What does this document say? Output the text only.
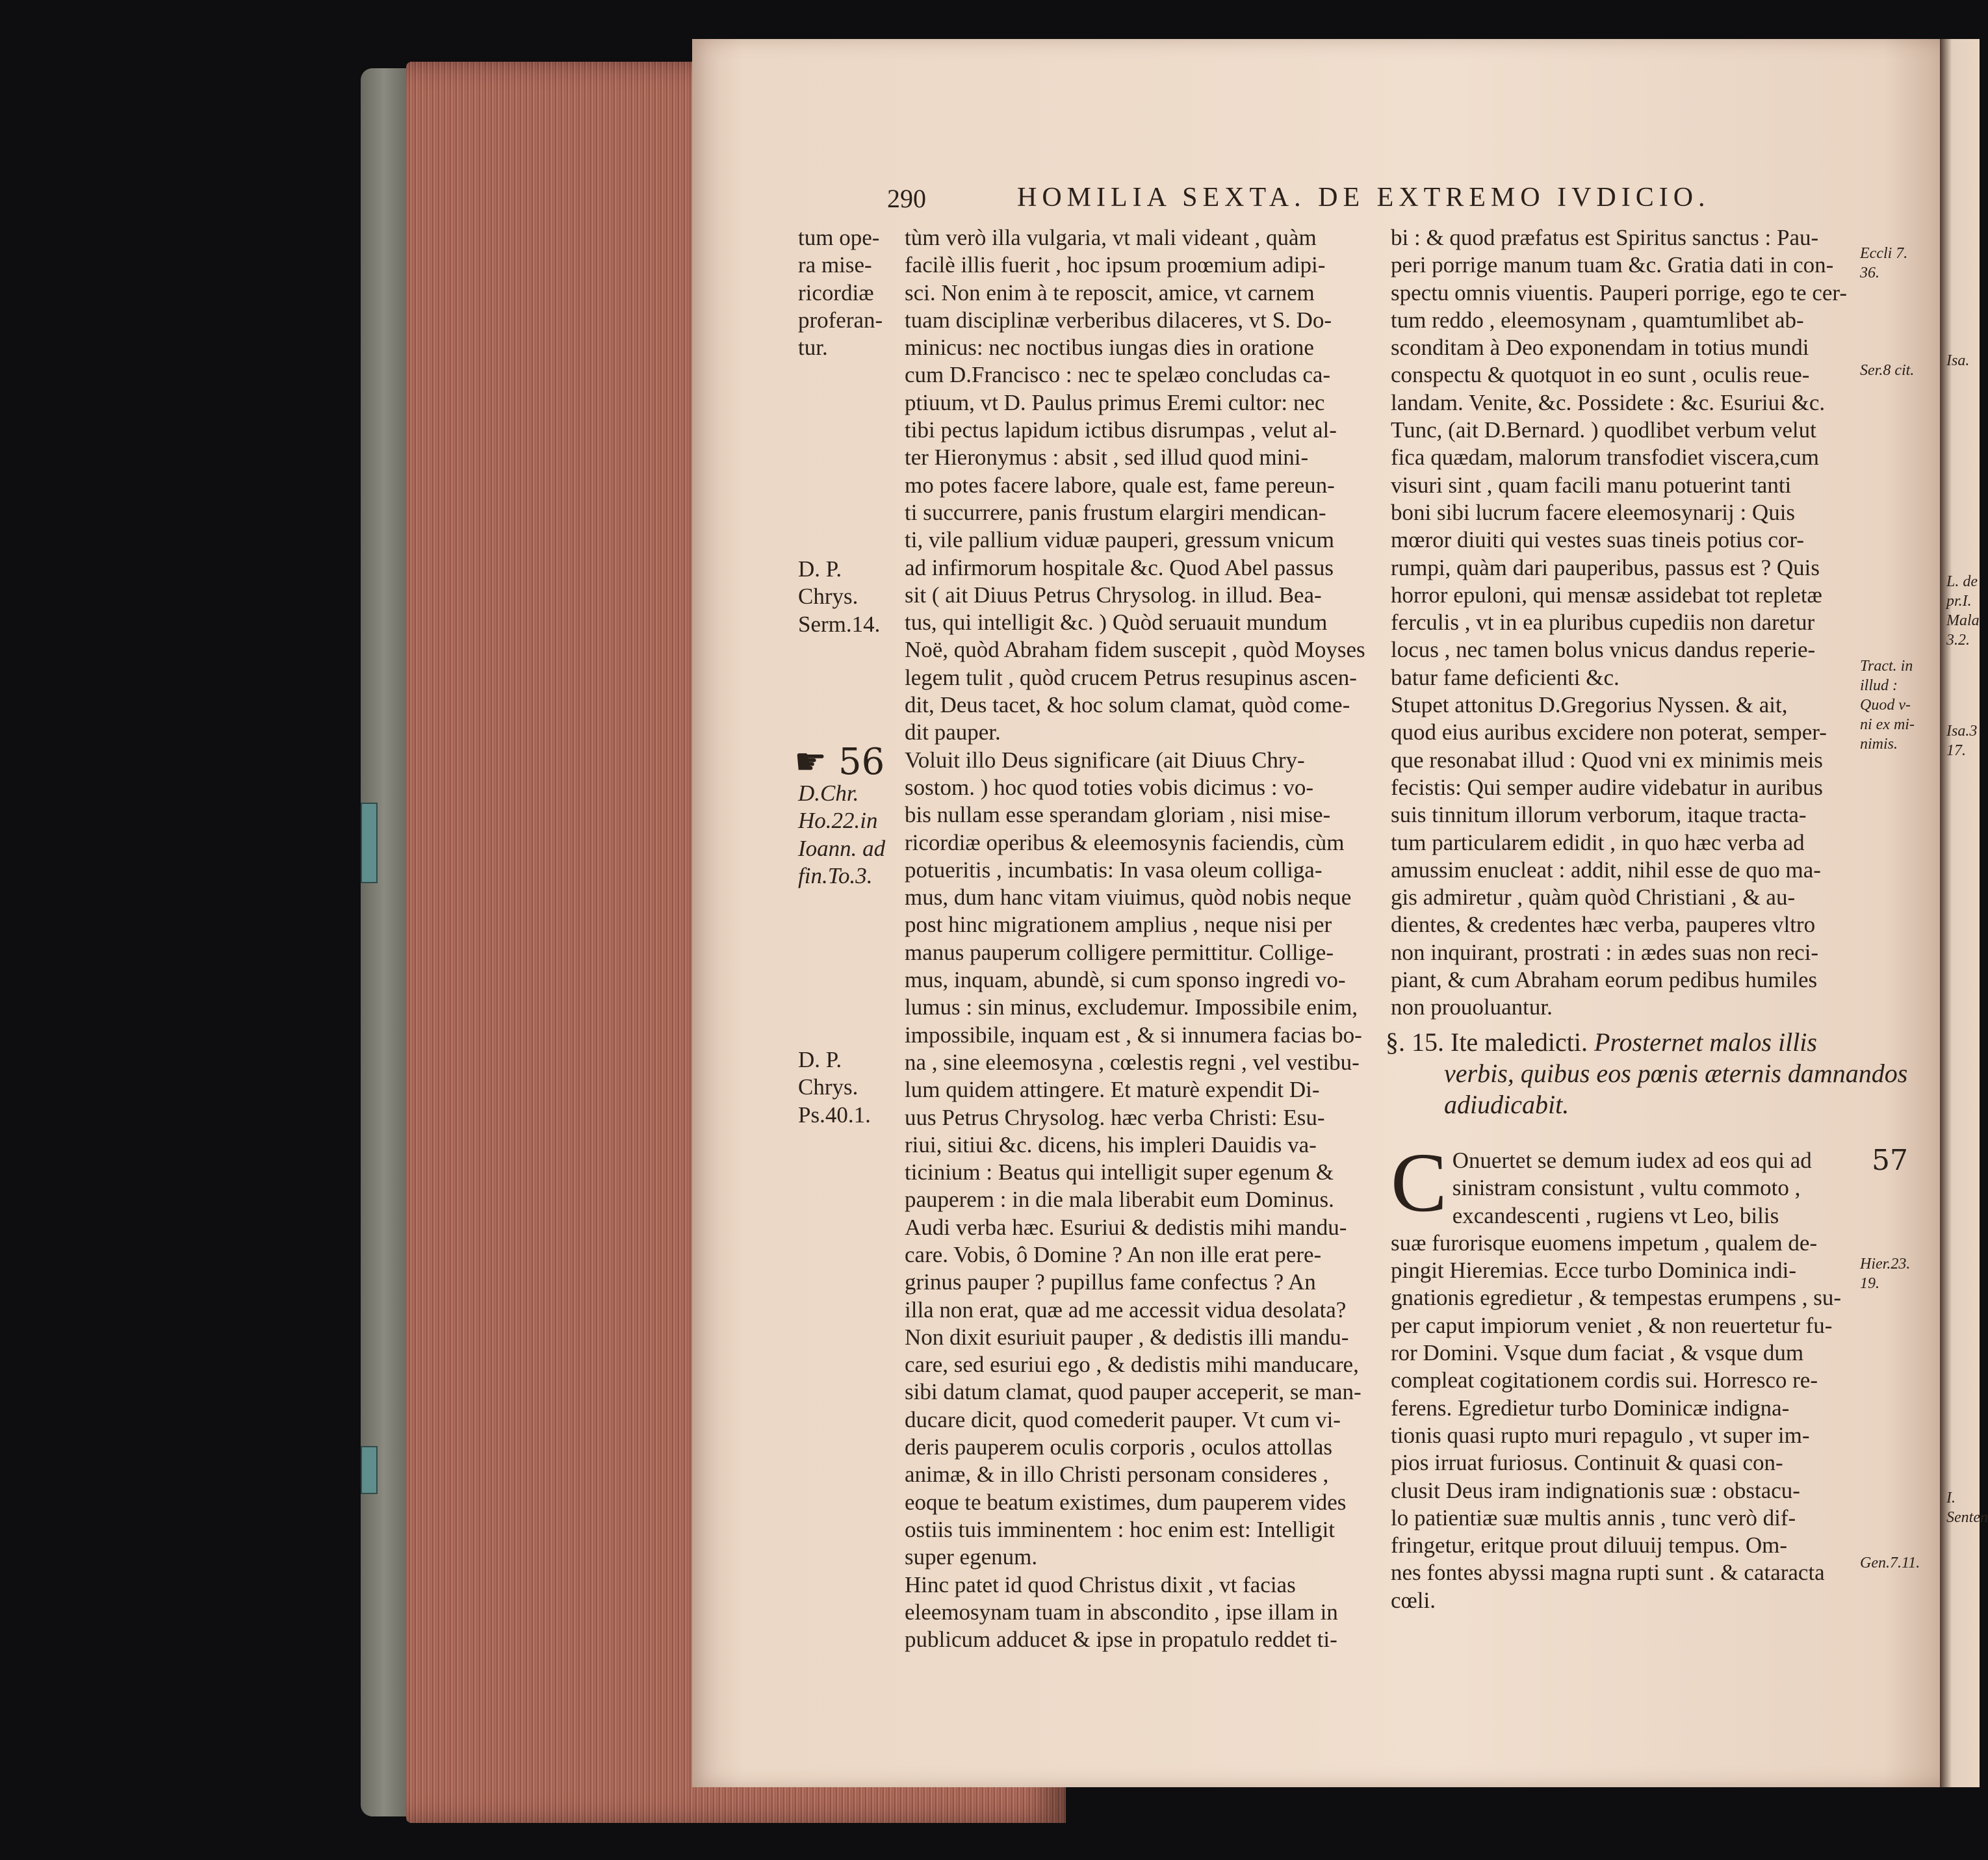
290	HOMILIA SEXTA. DE EXTREMO IVDICIO.
tum ope-
ra mise-
ricordiæ
proferan-
tur.
D. P.
Chrys.
Serm.14.
☛ 56
D.Chr.
Ho.22.in
Ioann. ad
fin.To.3.
D. P.
Chrys.
Ps.40.1.
tùm verò illa vulgaria, vt mali videant , quàm
facilè illis fuerit , hoc ipsum proœmium adipi-
sci. Non enim à te reposcit, amice, vt carnem
tuam disciplinæ verberibus dilaceres, vt S. Do-
minicus: nec noctibus iungas dies in oratione
cum D.Francisco : nec te spelæo concludas ca-
ptiuum, vt D. Paulus primus Eremi cultor: nec
tibi pectus lapidum ictibus disrumpas , velut al-
ter Hieronymus : absit , sed illud quod mini-
mo potes facere labore, quale est, fame pereun-
ti succurrere, panis frustum elargiri mendican-
ti, vile pallium viduæ pauperi, gressum vnicum
ad infirmorum hospitale &c. Quod Abel passus
sit ( ait Diuus Petrus Chrysolog. in illud. Bea-
tus, qui intelligit &c. ) Quòd seruauit mundum
Noë, quòd Abraham fidem suscepit , quòd Moyses
legem tulit , quòd crucem Petrus resupinus ascen-
dit, Deus tacet, & hoc solum clamat, quòd come-
dit pauper.
Voluit illo Deus significare (ait Diuus Chry-
sostom. ) hoc quod toties vobis dicimus : vo-
bis nullam esse sperandam gloriam , nisi mise-
ricordiæ operibus & eleemosynis faciendis, cùm
potueritis , incumbatis: In vasa oleum colliga-
mus, dum hanc vitam viuimus, quòd nobis neque
post hinc migrationem amplius , neque nisi per
manus pauperum colligere permittitur. Collige-
mus, inquam, abundè, si cum sponso ingredi vo-
lumus : sin minus, excludemur. Impossibile enim,
impossibile, inquam est , & si innumera facias bo-
na , sine eleemosyna , cœlestis regni , vel vestibu-
lum quidem attingere. Et maturè expendit Di-
uus Petrus Chrysolog. hæc verba Christi: Esu-
riui, sitiui &c. dicens, his impleri Dauidis va-
ticinium : Beatus qui intelligit super egenum &
pauperem : in die mala liberabit eum Dominus.
Audi verba hæc. Esuriui & dedistis mihi mandu-
care. Vobis, ô Domine ? An non ille erat pere-
grinus pauper ? pupillus fame confectus ? An
illa non erat, quæ ad me accessit vidua desolata?
Non dixit esuriuit pauper , & dedistis illi mandu-
care, sed esuriui ego , & dedistis mihi manducare,
sibi datum clamat, quod pauper acceperit, se man-
ducare dicit, quod comederit pauper. Vt cum vi-
deris pauperem oculis corporis , oculos attollas
animæ, & in illo Christi personam consideres ,
eoque te beatum existimes, dum pauperem vides
ostiis tuis imminentem : hoc enim est: Intelligit
super egenum.
Hinc patet id quod Christus dixit , vt facias
eleemosynam tuam in abscondito , ipse illam in
publicum adducet & ipse in propatulo reddet ti-
bi : & quod præfatus est Spiritus sanctus : Pau-
peri porrige manum tuam &c. Gratia dati in con-
spectu omnis viuentis. Pauperi porrige, ego te cer-
tum reddo , eleemosynam , quamtumlibet ab-
sconditam à Deo exponendam in totius mundi
conspectu & quotquot in eo sunt , oculis reue-
landam. Venite, &c. Possidete : &c. Esuriui &c.
Tunc, (ait D.Bernard. ) quodlibet verbum velut
fica quædam, malorum transfodiet viscera,cum
visuri sint , quam facili manu potuerint tanti
boni sibi lucrum facere eleemosynarij : Quis
mœror diuiti qui vestes suas tineis potius cor-
rumpi, quàm dari pauperibus, passus est ? Quis
horror epuloni, qui mensæ assidebat tot repletæ
ferculis , vt in ea pluribus cupediis non daretur
locus , nec tamen bolus vnicus dandus reperie-
batur fame deficienti &c.
Stupet attonitus D.Gregorius Nyssen. & ait,
quod eius auribus excidere non poterat, semper-
que resonabat illud : Quod vni ex minimis meis
fecistis: Qui semper audire videbatur in auribus
suis tinnitum illorum verborum, itaque tracta-
tum particularem edidit , in quo hæc verba ad
amussim enucleat : addit, nihil esse de quo ma-
gis admiretur , quàm quòd Christiani , & au-
dientes, & credentes hæc verba, pauperes vltro
non inquirant, prostrati : in ædes suas non reci-
piant, & cum Abraham eorum pedibus humiles
non prouoluantur.
§. 15. Ite maledicti. Prosternet malos illis
verbis, quibus eos pœnis æternis damnandos
adiudicabit.
C Onuertet se demum iudex ad eos qui ad
sinistram consistunt , vultu commoto ,
excandescenti , rugiens vt Leo, bilis
suæ furorisque euomens impetum , qualem de-
pingit Hieremias. Ecce turbo Dominica indi-
gnationis egredietur , & tempestas erumpens , su-
per caput impiorum veniet , & non reuertetur fu-
ror Domini. Vsque dum faciat , & vsque dum
compleat cogitationem cordis sui. Horresco re-
ferens. Egredietur turbo Dominicæ indigna-
tionis quasi rupto muri repagulo , vt super im-
pios irruat furiosus. Continuit & quasi con-
clusit Deus iram indignationis suæ : obstacu-
lo patientiæ suæ multis annis , tunc verò dif-
fringetur, eritque prout diluuij tempus. Om-
nes fontes abyssi magna rupti sunt . & cataracta
cœli.
Eccli 7.
36.
Ser.8 cit.
Tract. in
illud :
Quod v-
ni ex mi-
nimis.
57
Hier.23.
19.
Gen.7.11.
Isa.
L. de
pr.I.
Mala
3.2.
Isa.3
17.
I.
Senten
